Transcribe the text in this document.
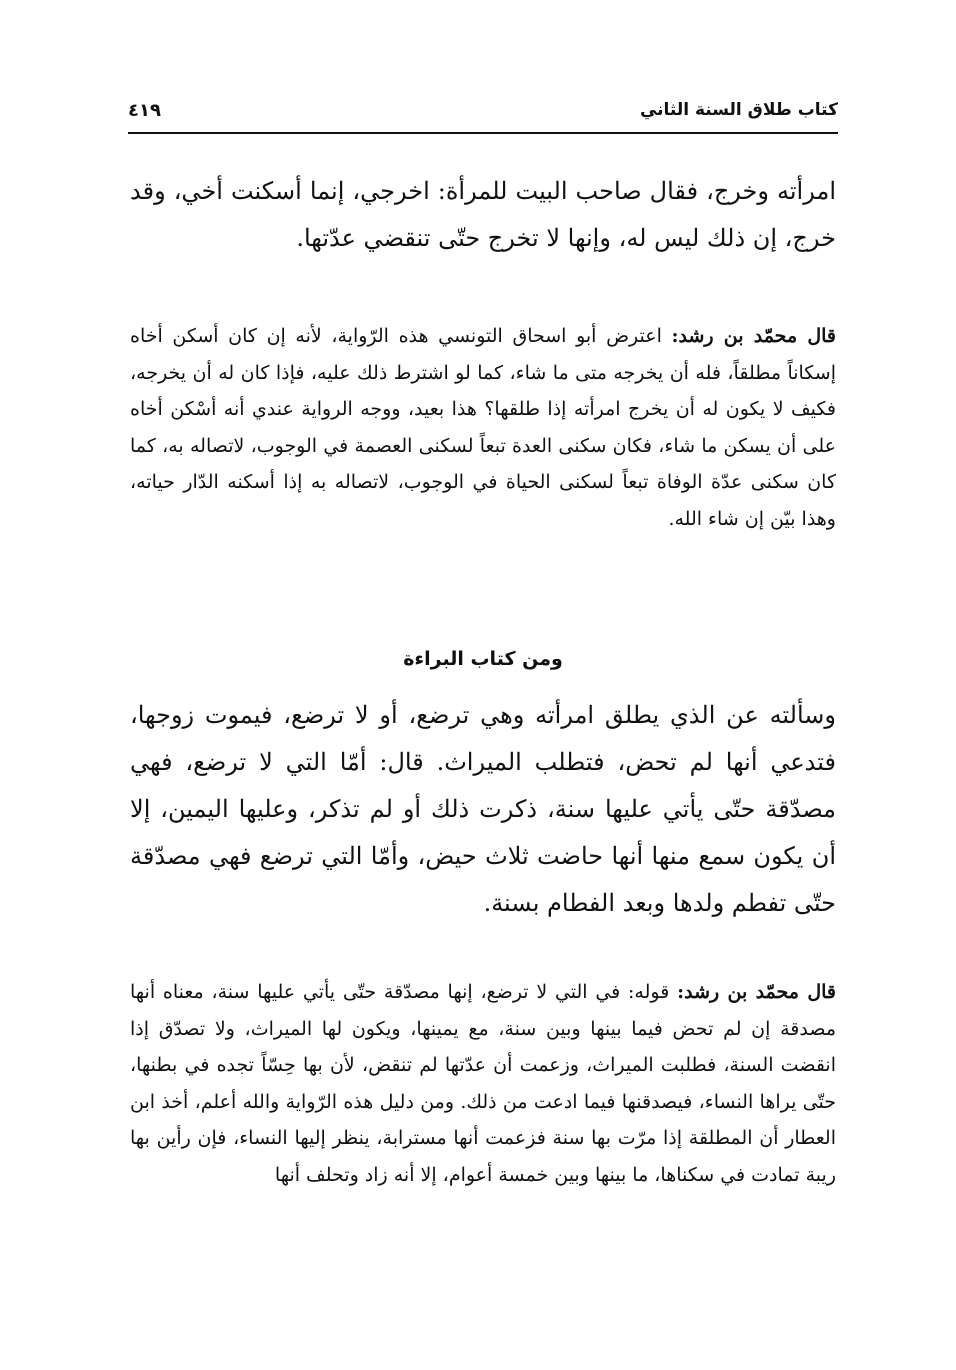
كتاب طلاق السنة الثاني
٤١٩

امرأته وخرج، فقال صاحب البيت للمرأة: اخرجي، إنما أسكنت أخي، وقد خرج، إن ذلك ليس له، وإنها لا تخرج حتّى تنقضي عدّتها.

قال محمّد بن رشد: اعترض أبو اسحاق التونسي هذه الرّواية، لأنه إن كان أسكن أخاه إسكاناً مطلقاً، فله أن يخرجه متى ما شاء، كما لو اشترط ذلك عليه، فإذا كان له أن يخرجه، فكيف لا يكون له أن يخرج امرأته إذا طلقها؟ هذا بعيد، ووجه الرواية عندي أنه أسْكن أخاه على أن يسكن ما شاء، فكان سكنى العدة تبعاً لسكنى العصمة في الوجوب، لاتصاله به، كما كان سكنى عدّة الوفاة تبعاً لسكنى الحياة في الوجوب، لاتصاله به إذا أسكنه الدّار حياته، وهذا بيّن إن شاء الله.

ومن كتاب البراءة

وسألته عن الذي يطلق امرأته وهي ترضع، أو لا ترضع، فيموت زوجها، فتدعي أنها لم تحض، فتطلب الميراث. قال: أمّا التي لا ترضع، فهي مصدّقة حتّى يأتي عليها سنة، ذكرت ذلك أو لم تذكر، وعليها اليمين، إلا أن يكون سمع منها أنها حاضت ثلاث حيض، وأمّا التي ترضع فهي مصدّقة حتّى تفطم ولدها وبعد الفطام بسنة.

قال محمّد بن رشد: قوله: في التي لا ترضع، إنها مصدّقة حتّى يأتي عليها سنة، معناه أنها مصدقة إن لم تحض فيما بينها وبين سنة، مع يمينها، ويكون لها الميراث، ولا تصدّق إذا انقضت السنة، فطلبت الميراث، وزعمت أن عدّتها لم تنقض، لأن بها حِسّاً تجده في بطنها، حتّى يراها النساء، فيصدقنها فيما ادعت من ذلك. ومن دليل هذه الرّواية والله أعلم، أخذ ابن العطار أن المطلقة إذا مرّت بها سنة فزعمت أنها مسترابة، ينظر إليها النساء، فإن رأين بها ريبة تمادت في سكناها، ما بينها وبين خمسة أعوام، إلا أنه زاد وتحلف أنها
